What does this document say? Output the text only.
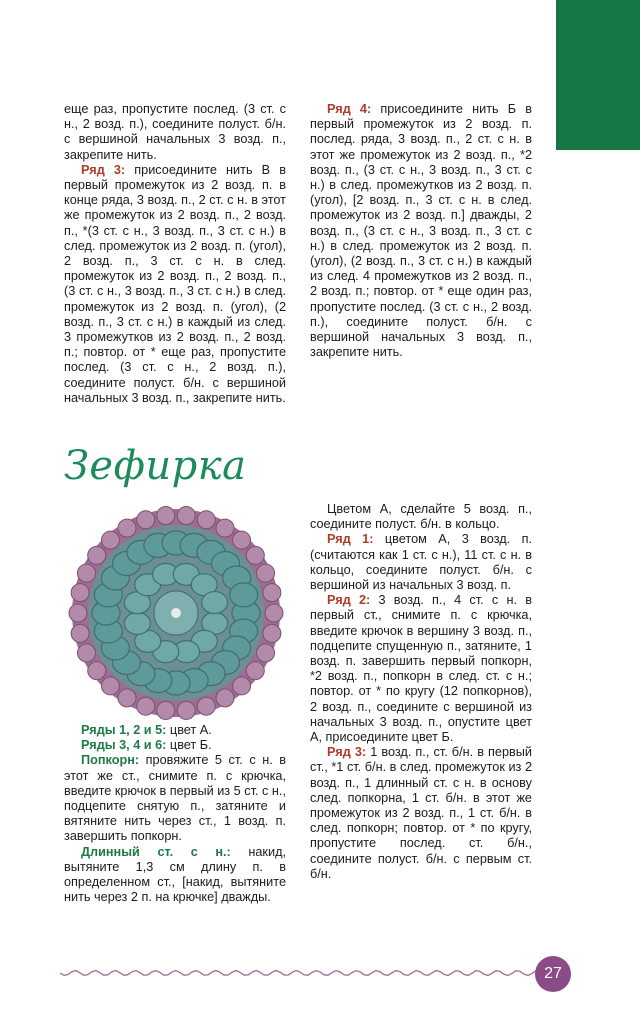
еще раз, пропустите послед. (3 ст. с н., 2 возд. п.), соедините полуст. б/н. с вершиной начальных 3 возд. п., закрепите нить.

Ряд 3: присоедините нить В в первый промежуток из 2 возд. п. в конце ряда, 3 возд. п., 2 ст. с н. в этот же промежуток из 2 возд. п., 2 возд. п., *(3 ст. с н., 3 возд. п., 3 ст. с н.) в след. промежуток из 2 возд. п. (угол), 2 возд. п., 3 ст. с н. в след. промежуток из 2 возд. п., 2 возд. п., (3 ст. с н., 3 возд. п., 3 ст. с н.) в след. промежуток из 2 возд. п. (угол), (2 возд. п., 3 ст. с н.) в каждый из след. 3 промежутков из 2 возд. п., 2 возд. п.; повтор. от * еще раз, пропустите послед. (3 ст. с н., 2 возд. п.), соедините полуст. б/н. с вершиной начальных 3 возд. п., закрепите нить.

Ряд 4: присоедините нить Б в первый промежуток из 2 возд. п. послед. ряда, 3 возд. п., 2 ст. с н. в этот же промежуток из 2 возд. п., *2 возд. п., (3 ст. с н., 3 возд. п., 3 ст. с н.) в след. промежутков из 2 возд. п. (угол), [2 возд. п., 3 ст. с н. в след. промежуток из 2 возд. п.] дважды, 2 возд. п., (3 ст. с н., 3 возд. п., 3 ст. с н.) в след. промежуток из 2 возд. п. (угол), (2 возд. п., 3 ст. с н.) в каждый из след. 4 промежутков из 2 возд. п., 2 возд. п.; повтор. от * еще один раз, пропустите послед. (3 ст. с н., 2 возд. п.), соедините полуст. б/н. с вершиной начальных 3 возд. п., закрепите нить.

Зефирка

Ряды 1, 2 и 5: цвет А.

Ряды 3, 4 и 6: цвет Б.

Попкорн: провяжите 5 ст. с н. в этот же ст., снимите п. с крючка, введите крючок в первый из 5 ст. с н., подцепите снятую п., затяните и вятяните нить через ст., 1 возд. п. завершить попкорн.

Длинный ст. с н.: накид, вытяните 1,3 см длину п. в определенном ст., [накид, вытяните нить через 2 п. на крючке] дважды.

Цветом А, сделайте 5 возд. п., соедините полуст. б/н. в кольцо.

Ряд 1: цветом А, 3 возд. п. (считаются как 1 ст. с н.), 11 ст. с н. в кольцо, соедините полуст. б/н. с вершиной из начальных 3 возд. п.

Ряд 2: 3 возд. п., 4 ст. с н. в первый ст., снимите п. с крючка, введите крючок в вершину 3 возд. п., подцепите спущенную п., затяните, 1 возд. п. завершить первый попкорн, *2 возд. п., попкорн в след. ст. с н.; повтор. от * по кругу (12 попкорнов), 2 возд. п., соедините с вершиной из начальных 3 возд. п., опустите цвет А, присоедините цвет Б.

Ряд 3: 1 возд. п., ст. б/н. в первый ст., *1 ст. б/н. в след. промежуток из 2 возд. п., 1 длинный ст. с н. в основу след. попкорна, 1 ст. б/н. в этот же промежуток из 2 возд. п., 1 ст. б/н. в след. попкорн; повтор. от * по кругу, пропустите послед. ст. б/н., соедините полуст. б/н. с первым ст. б/н.

27
